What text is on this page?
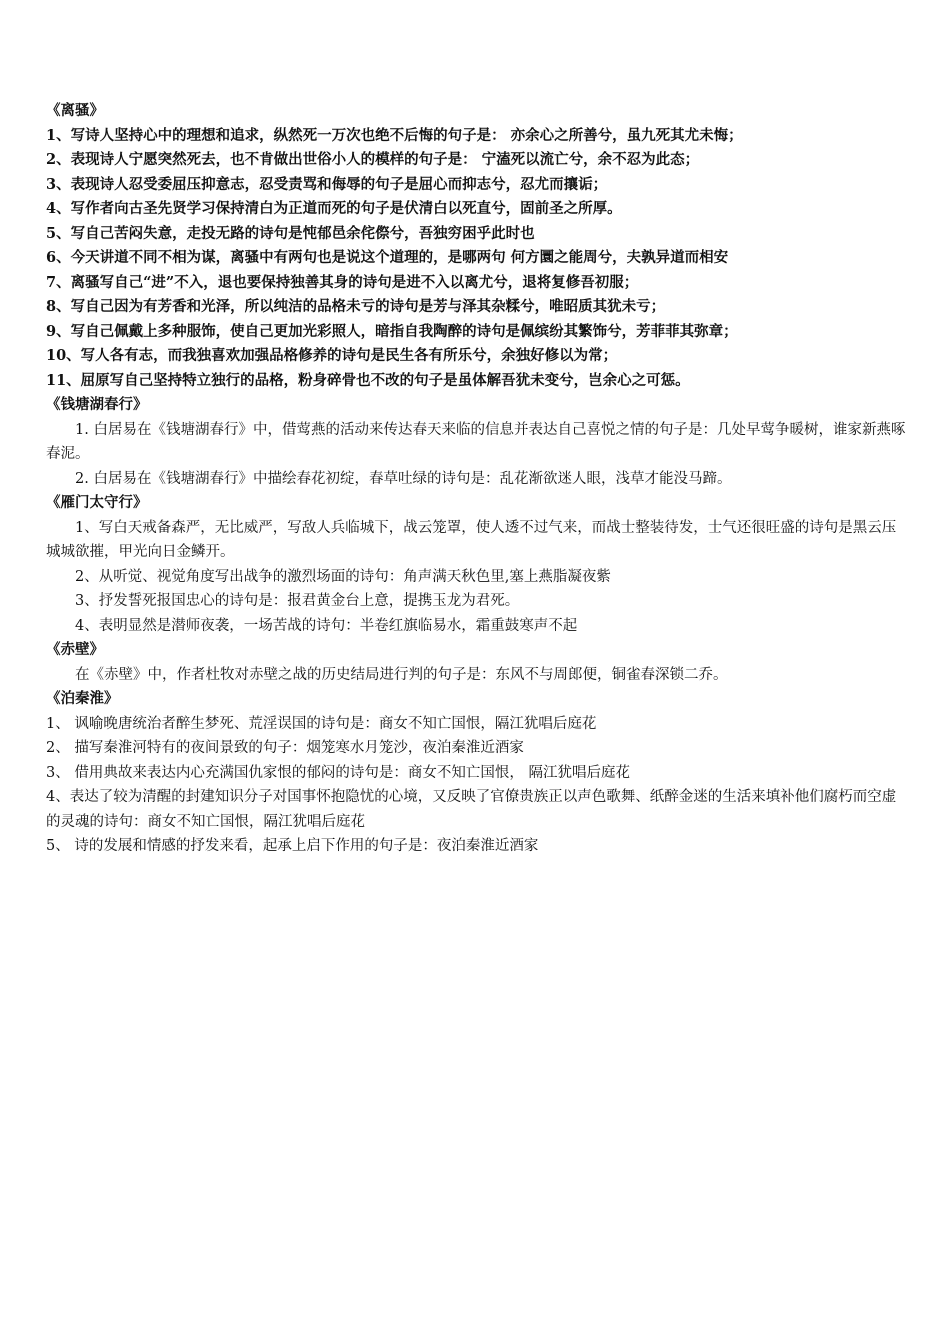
《离骚》
1、写诗人坚持心中的理想和追求，纵然死一万次也绝不后悔的句子是： 亦余心之所善兮，虽九死其尤未悔；
2、表现诗人宁愿突然死去，也不肯做出世俗小人的模样的句子是： 宁溘死以流亡兮，余不忍为此态；
3、表现诗人忍受委屈压抑意志，忍受责骂和侮辱的句子是屈心而抑志兮，忍尤而攘诟；
4、写作者向古圣先贤学习保持清白为正道而死的句子是伏清白以死直兮，固前圣之所厚。
5、写自己苦闷失意，走投无路的诗句是忳郁邑余侘傺兮，吾独穷困乎此时也
6、今天讲道不同不相为谋，离骚中有两句也是说这个道理的，是哪两句 何方圜之能周兮，夫孰异道而相安
7、离骚写自己“进”不入，退也要保持独善其身的诗句是进不入以离尤兮，退将复修吾初服；
8、写自己因为有芳香和光泽，所以纯洁的品格未亏的诗句是芳与泽其杂糅兮，唯昭质其犹未亏；
9、写自己佩戴上多种服饰，使自己更加光彩照人，暗指自我陶醉的诗句是佩缤纷其繁饰兮，芳菲菲其弥章；
10、写人各有志，而我独喜欢加强品格修养的诗句是民生各有所乐兮，余独好修以为常；
11、屈原写自己坚持特立独行的品格，粉身碎骨也不改的句子是虽体解吾犹未变兮，岂余心之可惩。
《钱塘湖春行》
1. 白居易在《钱塘湖春行》中，借莺燕的活动来传达春天来临的信息并表达自己喜悦之情的句子是：几处早莺争暖树，谁家新燕啄春泥。
2. 白居易在《钱塘湖春行》中描绘春花初绽，春草吐绿的诗句是：乱花渐欲迷人眼，浅草才能没马蹄。
《雁门太守行》
1、写白天戒备森严，无比威严，写敌人兵临城下，战云笼罩，使人透不过气来，而战士整装待发，士气还很旺盛的诗句是黑云压城城欲摧，甲光向日金鳞开。
2、从听觉、视觉角度写出战争的激烈场面的诗句：角声满天秋色里,塞上燕脂凝夜紫
3、抒发誓死报国忠心的诗句是：报君黄金台上意，提携玉龙为君死。
4、表明显然是潜师夜袭，一场苦战的诗句：半卷红旗临易水，霜重鼓寒声不起
《赤壁》
在《赤壁》中，作者杜牧对赤壁之战的历史结局进行判的句子是：东风不与周郎便，铜雀春深锁二乔。
《泊秦淮》
1、 讽喻晚唐统治者醉生梦死、荒淫误国的诗句是：商女不知亡国恨，隔江犹唱后庭花
2、 描写秦淮河特有的夜间景致的句子：烟笼寒水月笼沙，夜泊秦淮近酒家
3、 借用典故来表达内心充满国仇家恨的郁闷的诗句是：商女不知亡国恨， 隔江犹唱后庭花
4、表达了较为清醒的封建知识分子对国事怀抱隐忧的心境，又反映了官僚贵族正以声色歌舞、纸醉金迷的生活来填补他们腐朽而空虚的灵魂的诗句：商女不知亡国恨，隔江犹唱后庭花
5、 诗的发展和情感的抒发来看，起承上启下作用的句子是：夜泊秦淮近酒家
